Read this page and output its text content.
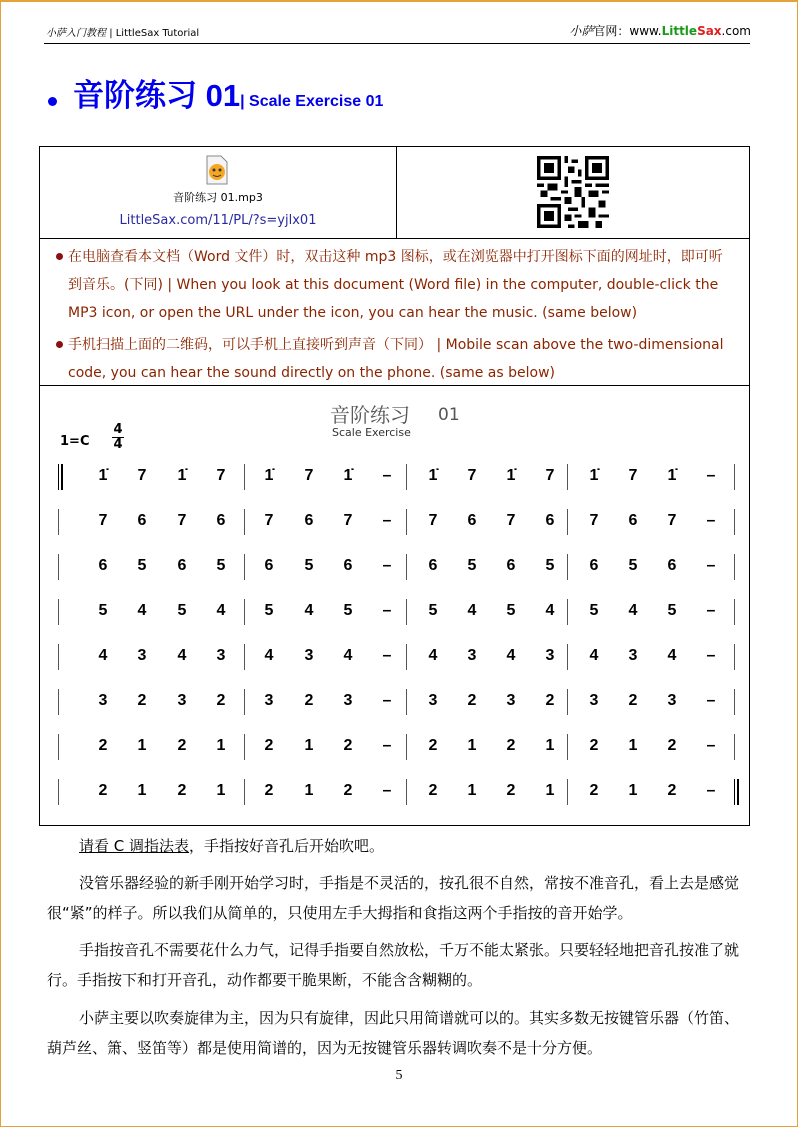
小萨入门教程 | LittleSax Tutorial	小萨官网：www.LittleSax.com
音阶练习 01| Scale Exercise 01
音阶练习 01.mp3
LittleSax.com/11/PL/?s=yjlx01
在电脑查看本文档（Word 文件）时，双击这种 mp3 图标，或在浏览器中打开图标下面的网址时，即可听到音乐。(下同) | When you look at this document (Word file) in the computer, double-click the MP3 icon, or open the URL under the icon, you can hear the music. (same below)
手机扫描上面的二维码，可以手机上直接听到声音（下同） | Mobile scan above the two-dimensional code, you can hear the sound directly on the phone. (same as below)
音阶练习 01
Scale Exercise
1=C
4
4
1̇	7	1̇	7	1̇	7	1̇	–	1̇	7	1̇	7	1̇	7	1̇	–
7	6	7	6	7	6	7	–	7	6	7	6	7	6	7	–
6	5	6	5	6	5	6	–	6	5	6	5	6	5	6	–
5	4	5	4	5	4	5	–	5	4	5	4	5	4	5	–
4	3	4	3	4	3	4	–	4	3	4	3	4	3	4	–
3	2	3	2	3	2	3	–	3	2	3	2	3	2	3	–
2	1	2	1	2	1	2	–	2	1	2	1	2	1	2	–
2	1	2	1	2	1	2	–	2	1	2	1	2	1	2	–
请看 C 调指法表，手指按好音孔后开始吹吧。
没管乐器经验的新手刚开始学习时，手指是不灵活的，按孔很不自然，常按不准音孔，看上去是感觉很“紧”的样子。所以我们从简单的，只使用左手大拇指和食指这两个手指按的音开始学。
手指按音孔不需要花什么力气，记得手指要自然放松，千万不能太紧张。只要轻轻地把音孔按准了就行。手指按下和打开音孔，动作都要干脆果断，不能含含糊糊的。
小萨主要以吹奏旋律为主，因为只有旋律，因此只用简谱就可以的。其实多数无按键管乐器（竹笛、葫芦丝、箫、竖笛等）都是使用简谱的，因为无按键管乐器转调吹奏不是十分方便。
5
